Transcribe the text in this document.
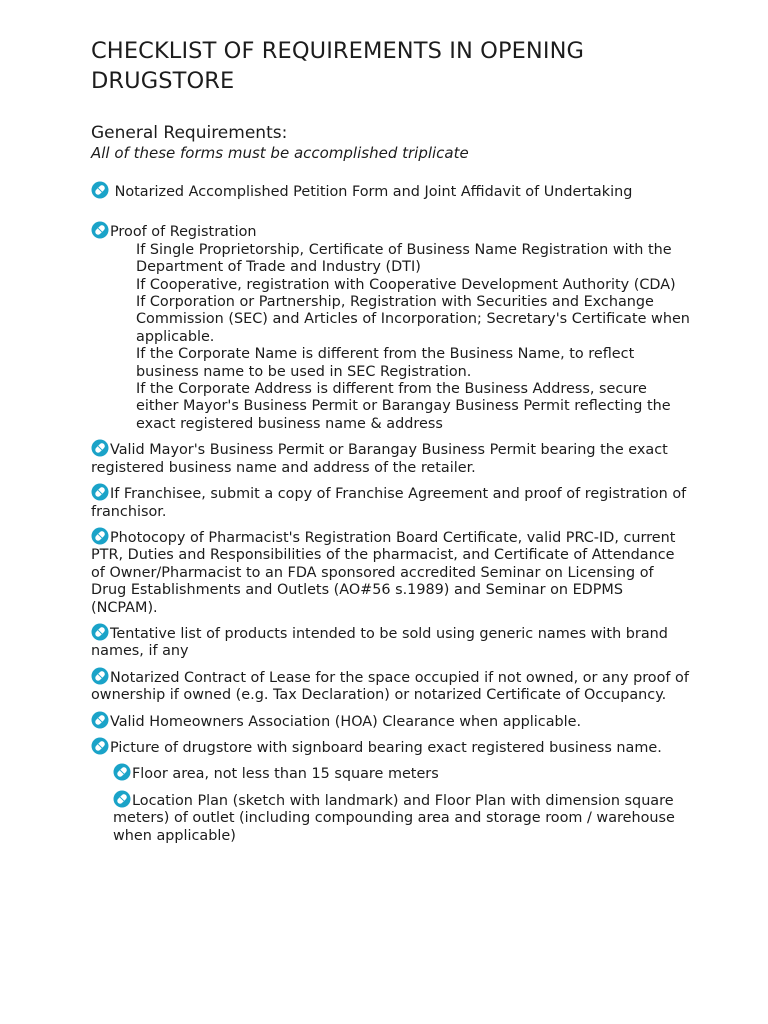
CHECKLIST OF REQUIREMENTS IN OPENING DRUGSTORE
General Requirements:
All of these forms must be accomplished triplicate
Notarized Accomplished Petition Form and Joint Affidavit of Undertaking
Proof of Registration
If Single Proprietorship, Certificate of Business Name Registration with the Department of Trade and Industry (DTI)
If Cooperative, registration with Cooperative Development Authority (CDA)
If Corporation or Partnership, Registration with Securities and Exchange Commission (SEC) and Articles of Incorporation; Secretary's Certificate when applicable.
If the Corporate Name is different from the Business Name, to reflect business name to be used in SEC Registration.
If the Corporate Address is different from the Business Address, secure either Mayor's Business Permit or Barangay Business Permit reflecting the exact registered business name & address
Valid Mayor's Business Permit or Barangay Business Permit bearing the exact registered business name and address of the retailer.
If Franchisee, submit a copy of Franchise Agreement and proof of registration of franchisor.
Photocopy of Pharmacist's Registration Board Certificate, valid PRC-ID, current PTR, Duties and Responsibilities of the pharmacist, and Certificate of Attendance of Owner/Pharmacist to an FDA sponsored accredited Seminar on Licensing of Drug Establishments and Outlets (AO#56 s.1989) and Seminar on EDPMS (NCPAM).
Tentative list of products intended to be sold using generic names with brand names, if any
Notarized Contract of Lease for the space occupied if not owned, or any proof of ownership if owned (e.g. Tax Declaration) or notarized Certificate of Occupancy.
Valid Homeowners Association (HOA) Clearance when applicable.
Picture of drugstore with signboard bearing exact registered business name.
Floor area, not less than 15 square meters
Location Plan (sketch with landmark) and Floor Plan with dimension square meters) of outlet (including compounding area and storage room / warehouse when applicable)
